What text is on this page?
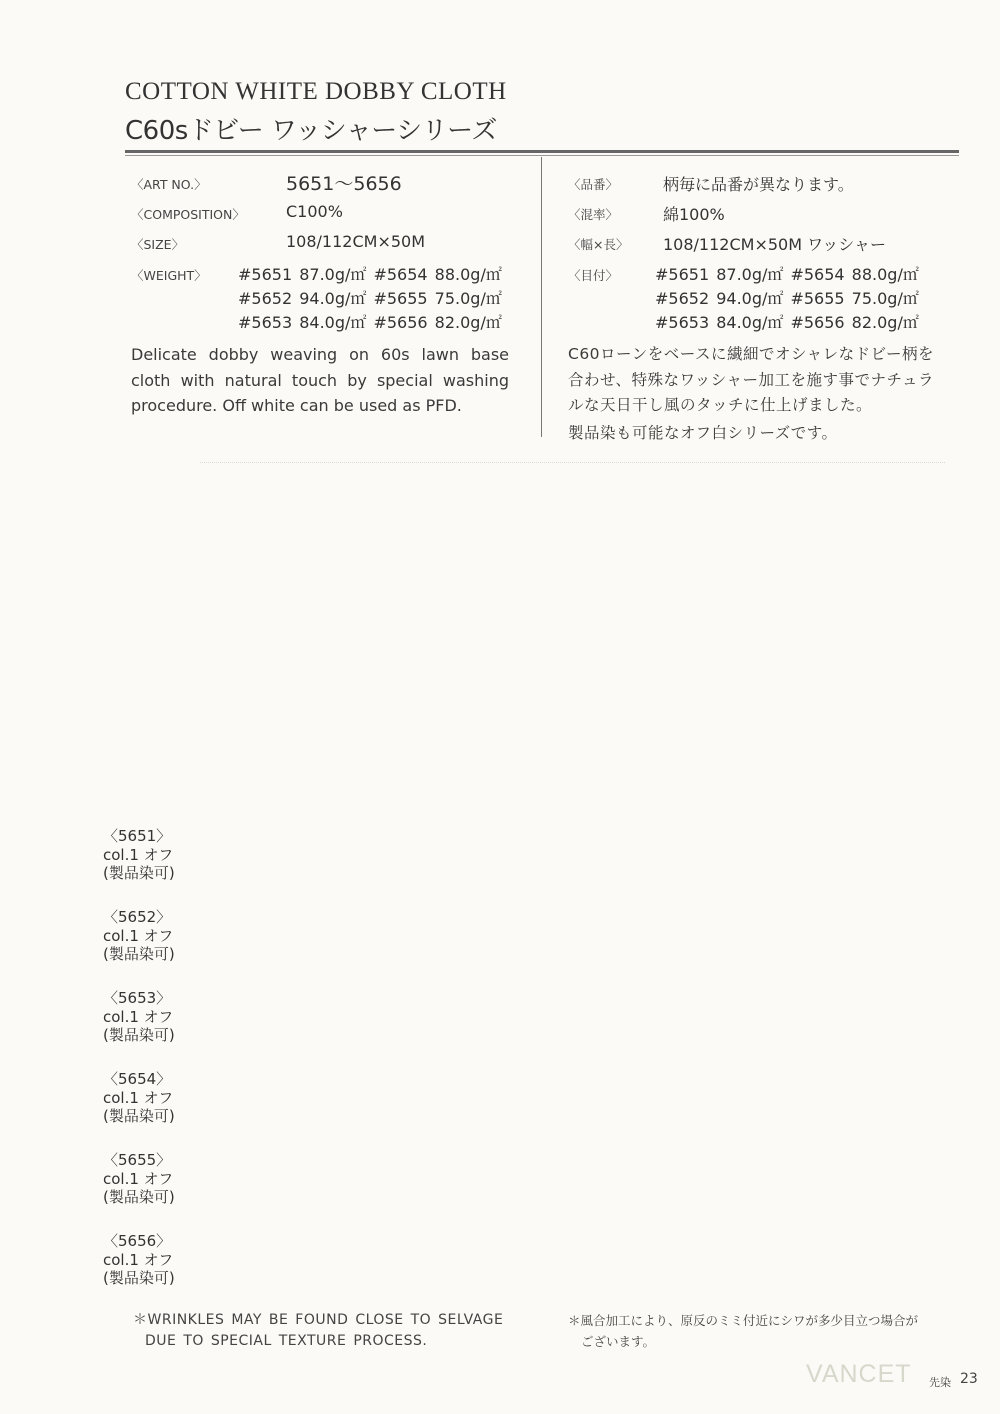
COTTON WHITE DOBBY CLOTH
C60sドビー ワッシャーシリーズ
〈ART NO.〉	5651〜5656
〈COMPOSITION〉	C100%
〈SIZE〉	108/112CM×50M
〈WEIGHT〉 #5651 87.0g/㎡ #5654 88.0g/㎡
#5652 94.0g/㎡ #5655 75.0g/㎡
#5653 84.0g/㎡ #5656 82.0g/㎡
Delicate dobby weaving on 60s lawn base cloth with natural touch by special washing procedure. Off white can be used as PFD.
〈品番〉	柄毎に品番が異なります。
〈混率〉	綿100%
〈幅×長〉 108/112CM×50M ワッシャー
〈目付〉 #5651 87.0g/㎡ #5654 88.0g/㎡
#5652 94.0g/㎡ #5655 75.0g/㎡
#5653 84.0g/㎡ #5656 82.0g/㎡
C60ローンをベースに繊細でオシャレなドビー柄を合わせ、特殊なワッシャー加工を施す事でナチュラルな天日干し風のタッチに仕上げました。
製品染も可能なオフ白シリーズです。
〈5651〉
col.1 オフ
(製品染可)
〈5652〉
col.1 オフ
(製品染可)
〈5653〉
col.1 オフ
(製品染可)
〈5654〉
col.1 オフ
(製品染可)
〈5655〉
col.1 オフ
(製品染可)
〈5656〉
col.1 オフ
(製品染可)
＊WRINKLES MAY BE FOUND CLOSE TO SELVAGE
DUE TO SPECIAL TEXTURE PROCESS.
＊風合加工により、原反のミミ付近にシワが多少目立つ場合が
ございます。
VANCET 先染 23
